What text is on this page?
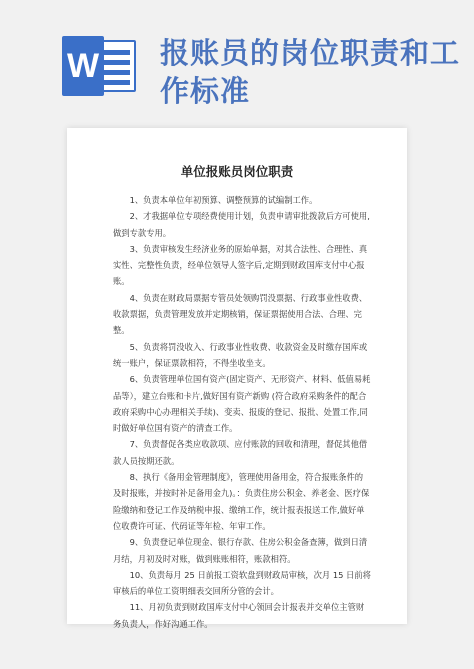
W 报账员的岗位职责和工作标准
单位报账员岗位职责

1、负责本单位年初预算、调整预算的试编制工作。

2、才我据单位专项经费使用计划，负责申请审批拨款后方可使用,做到专款专用。

3、负责审核发生经济业务的原始单据，对其合法性、合理性、真实性、完整性负责，经单位领导人签字后,定期到财政国库支付中心报账。

4、负责在财政局票据专管员处领购罚没票据、行政事业性收费、收款票据，负责管理发放并定期核销，保证票据使用合法、合理、完整。

5、负责将罚没收入、行政事业性收费、收款资金及时缴存国库或统一账户，保证票款相符，不得坐收坐支。

6、负责管理单位国有资产(固定资产、无形资产、材料、低值易耗品等），建立台账和卡片,做好国有资产新购 (符合政府采购条件的配合政府采购中心办理相关手续)、变卖、报废的登记、报批、处置工作,同时做好单位国有资产的清查工作。

7、负责督促各类应收款项、应付账款的回收和清理，督促其他借款人员按期还款。

8、执行《备用金管理制度》，管理使用备用金，符合报账条件的及时报账，并按时补足备用金九)。：负责住房公积金、养老金、医疗保险缴纳和登记工作及纳税申报、缴纳工作，统计报表报送工作,做好单位收费许可证、代码证等年检、年审工作。

9、负责登记单位现金、银行存款、住房公积金备查簿，做到日清月结，月初及时对账，做到账账相符，账款相符。

10、负责每月 25 日前报工资软盘到财政局审核，次月 15 日前将审核后的单位工资明细表交回所分管的会计。

11、月初负责到财政国库支付中心领回会计报表并交单位主管财务负责人，作好沟通工作。
